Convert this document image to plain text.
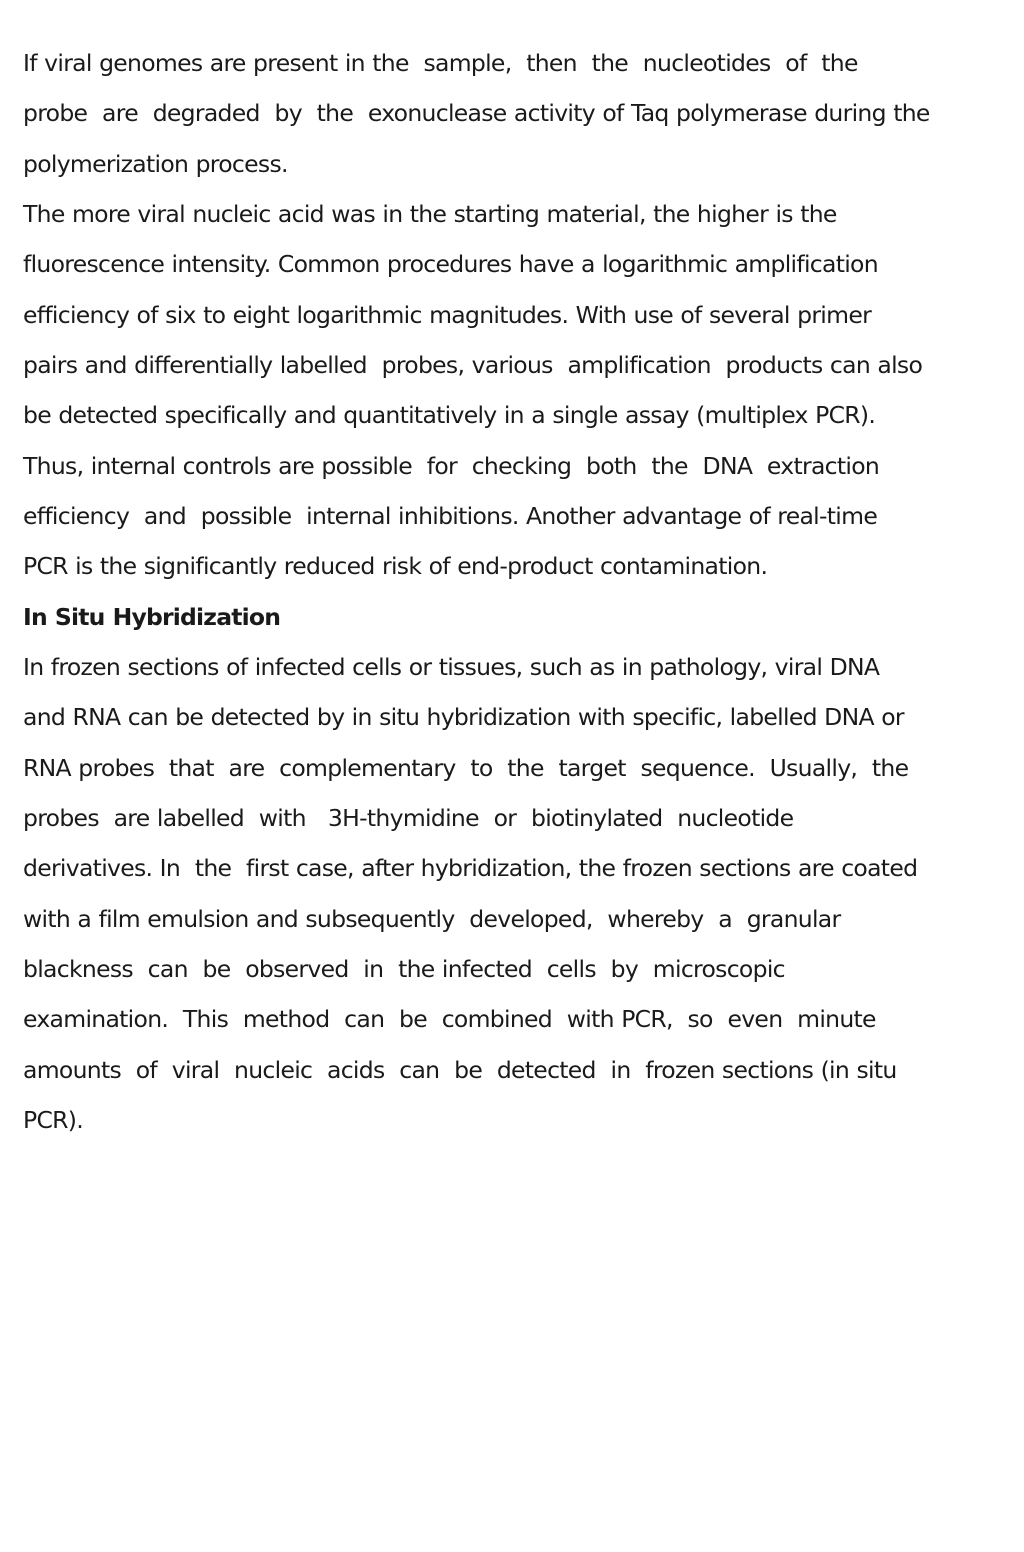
If viral genomes are present in the  sample,  then  the  nucleotides  of  the
probe  are  degraded  by  the  exonuclease activity of Taq polymerase during the
polymerization process.
The more viral nucleic acid was in the starting material, the higher is the
fluorescence intensity. Common procedures have a logarithmic amplification
efficiency of six to eight logarithmic magnitudes. With use of several primer
pairs and differentially labelled  probes, various  amplification  products can also
be detected specifically and quantitatively in a single assay (multiplex PCR).
Thus, internal controls are possible  for  checking  both  the  DNA  extraction
efficiency  and  possible  internal inhibitions. Another advantage of real-time
PCR is the significantly reduced risk of end-product contamination.
In Situ Hybridization
In frozen sections of infected cells or tissues, such as in pathology, viral DNA
and RNA can be detected by in situ hybridization with specific, labelled DNA or
RNA probes  that  are  complementary  to  the  target  sequence.  Usually,  the
probes  are labelled  with   3H-thymidine  or  biotinylated  nucleotide
derivatives. In  the  first case, after hybridization, the frozen sections are coated
with a film emulsion and subsequently  developed,  whereby  a  granular
blackness  can  be  observed  in  the infected  cells  by  microscopic
examination.  This  method  can  be  combined  with PCR,  so  even  minute
amounts  of  viral  nucleic  acids  can  be  detected  in  frozen sections (in situ
PCR).
